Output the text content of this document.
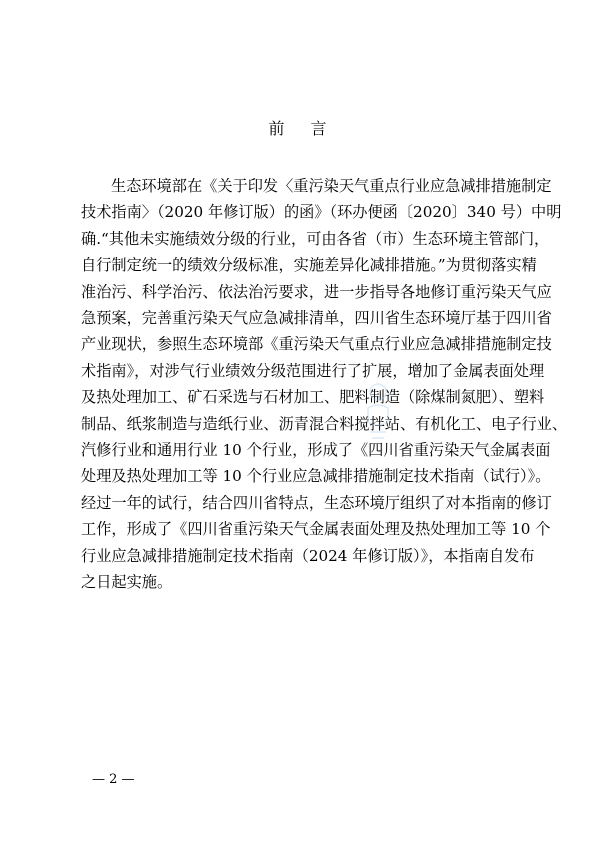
前 言

生态环境部在《关于印发〈重污染天气重点行业应急减排措施制定
技术指南〉（2020 年修订版）的函》（环办便函〔2020〕340 号）中明
确.“其他未实施绩效分级的行业，可由各省（市）生态环境主管部门，
自行制定统一的绩效分级标准，实施差异化减排措施。”为贯彻落实精
准治污、科学治污、依法治污要求，进一步指导各地修订重污染天气应
急预案，完善重污染天气应急减排清单，四川省生态环境厅基于四川省
产业现状，参照生态环境部《重污染天气重点行业应急减排措施制定技
术指南》，对涉气行业绩效分级范围进行了扩展，增加了金属表面处理
及热处理加工、矿石采选与石材加工、肥料制造（除煤制氮肥）、塑料
制品、纸浆制造与造纸行业、沥青混合料搅拌站、有机化工、电子行业、
汽修行业和通用行业 10 个行业，形成了《四川省重污染天气金属表面
处理及热处理加工等 10 个行业应急减排措施制定技术指南（试行）》。
经过一年的试行，结合四川省特点，生态环境厅组织了对本指南的修订
工作，形成了《四川省重污染天气金属表面处理及热处理加工等 10 个
行业应急减排措施制定技术指南（2024 年修订版）》，本指南自发布
之日起实施。

— 2 —
